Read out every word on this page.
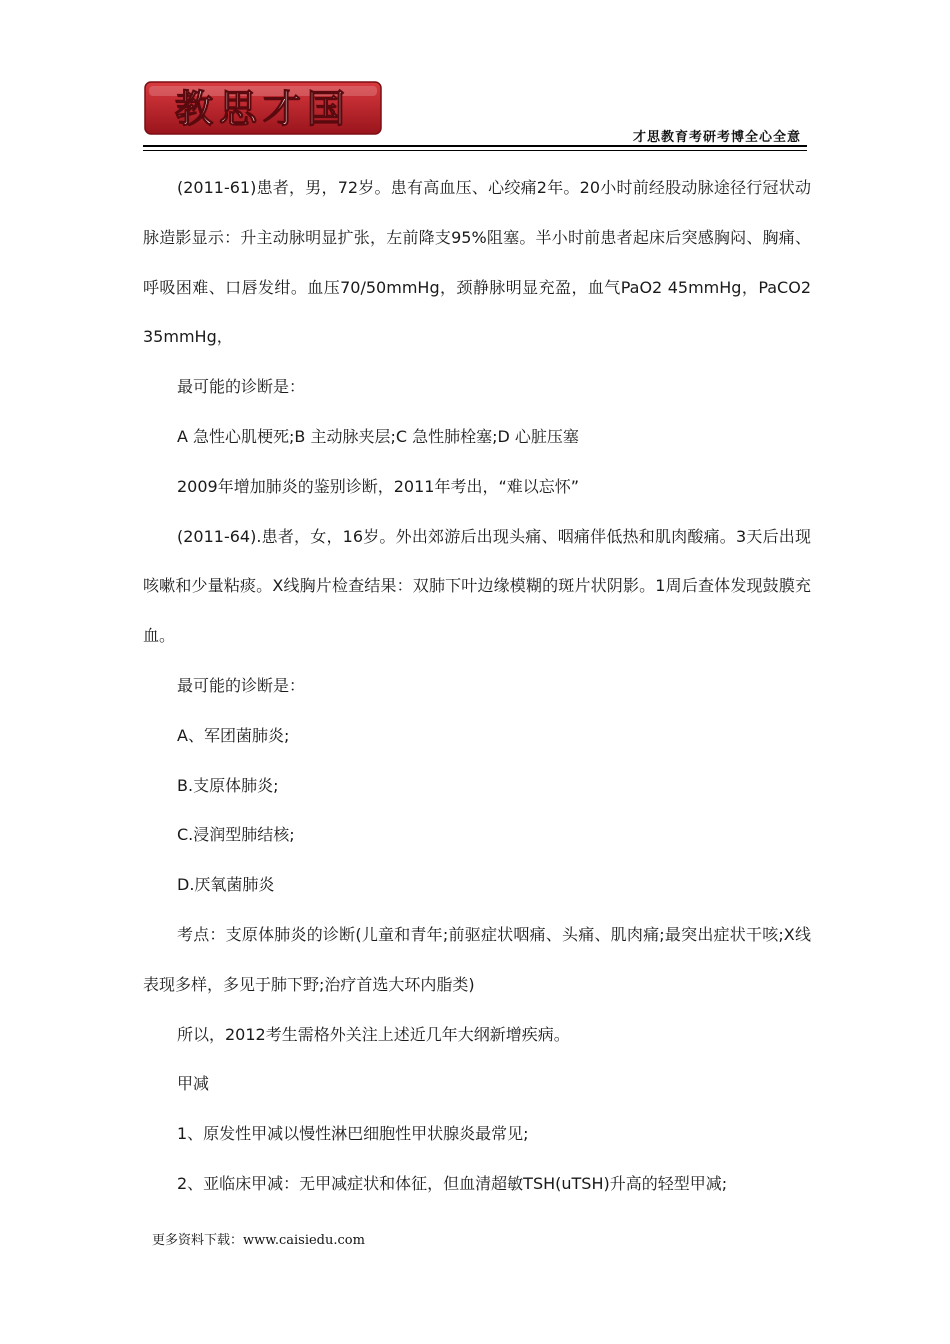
教思才国
才思教育考研考博全心全意

(2011-61)患者，男，72岁。患有高血压、心绞痛2年。20小时前经股动脉途径行冠状动脉造影显示：升主动脉明显扩张，左前降支95%阻塞。半小时前患者起床后突感胸闷、胸痛、呼吸困难、口唇发绀。血压70/50mmHg，颈静脉明显充盈，血气PaO2 45mmHg，PaCO2 35mmHg，

最可能的诊断是：

A 急性心肌梗死;B 主动脉夹层;C 急性肺栓塞;D 心脏压塞

2009年增加肺炎的鉴别诊断，2011年考出，“难以忘怀”

(2011-64).患者，女，16岁。外出郊游后出现头痛、咽痛伴低热和肌肉酸痛。3天后出现咳嗽和少量粘痰。X线胸片检查结果：双肺下叶边缘模糊的斑片状阴影。1周后查体发现鼓膜充血。

最可能的诊断是：

A、军团菌肺炎;

B.支原体肺炎;

C.浸润型肺结核;

D.厌氧菌肺炎

考点：支原体肺炎的诊断(儿童和青年;前驱症状咽痛、头痛、肌肉痛;最突出症状干咳;X线表现多样，多见于肺下野;治疗首选大环内脂类)

所以，2012考生需格外关注上述近几年大纲新增疾病。

甲减

1、原发性甲减以慢性淋巴细胞性甲状腺炎最常见;

2、亚临床甲减：无甲减症状和体征，但血清超敏TSH(uTSH)升高的轻型甲减;

更多资料下载：www.caisiedu.com
